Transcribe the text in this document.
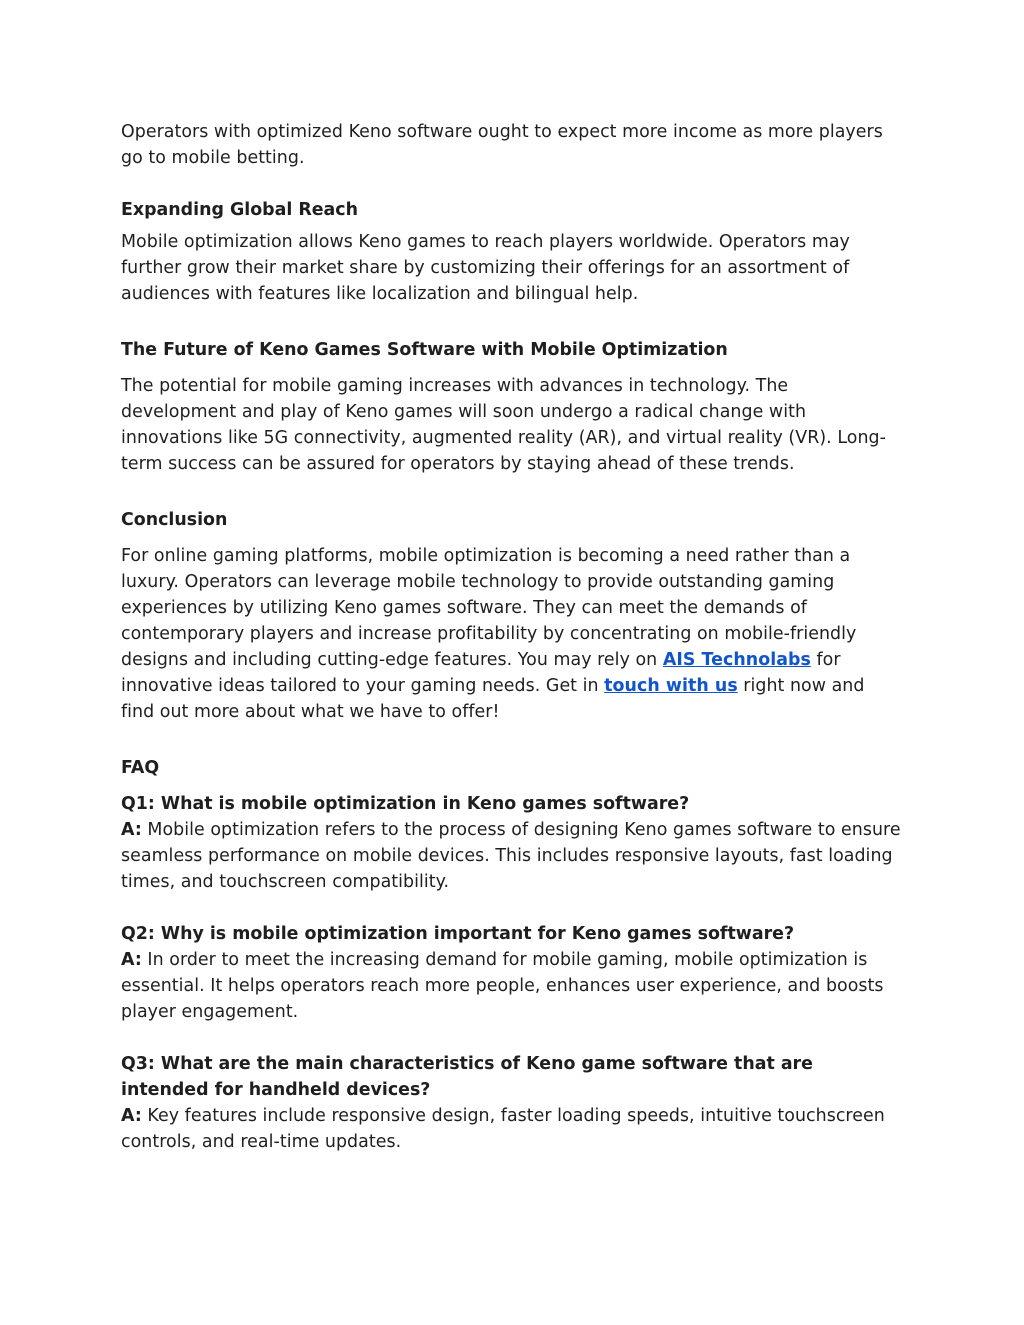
Operators with optimized Keno software ought to expect more income as more players go to mobile betting.

Expanding Global Reach

Mobile optimization allows Keno games to reach players worldwide. Operators may further grow their market share by customizing their offerings for an assortment of audiences with features like localization and bilingual help.

The Future of Keno Games Software with Mobile Optimization

The potential for mobile gaming increases with advances in technology. The development and play of Keno games will soon undergo a radical change with innovations like 5G connectivity, augmented reality (AR), and virtual reality (VR). Long-term success can be assured for operators by staying ahead of these trends.

Conclusion

For online gaming platforms, mobile optimization is becoming a need rather than a luxury. Operators can leverage mobile technology to provide outstanding gaming experiences by utilizing Keno games software. They can meet the demands of contemporary players and increase profitability by concentrating on mobile-friendly designs and including cutting-edge features. You may rely on AIS Technolabs for innovative ideas tailored to your gaming needs. Get in touch with us right now and find out more about what we have to offer!

FAQ

Q1: What is mobile optimization in Keno games software?

A: Mobile optimization refers to the process of designing Keno games software to ensure seamless performance on mobile devices. This includes responsive layouts, fast loading times, and touchscreen compatibility.

Q2: Why is mobile optimization important for Keno games software?

A: In order to meet the increasing demand for mobile gaming, mobile optimization is essential. It helps operators reach more people, enhances user experience, and boosts player engagement.

Q3: What are the main characteristics of Keno game software that are intended for handheld devices?

A: Key features include responsive design, faster loading speeds, intuitive touchscreen controls, and real-time updates.
